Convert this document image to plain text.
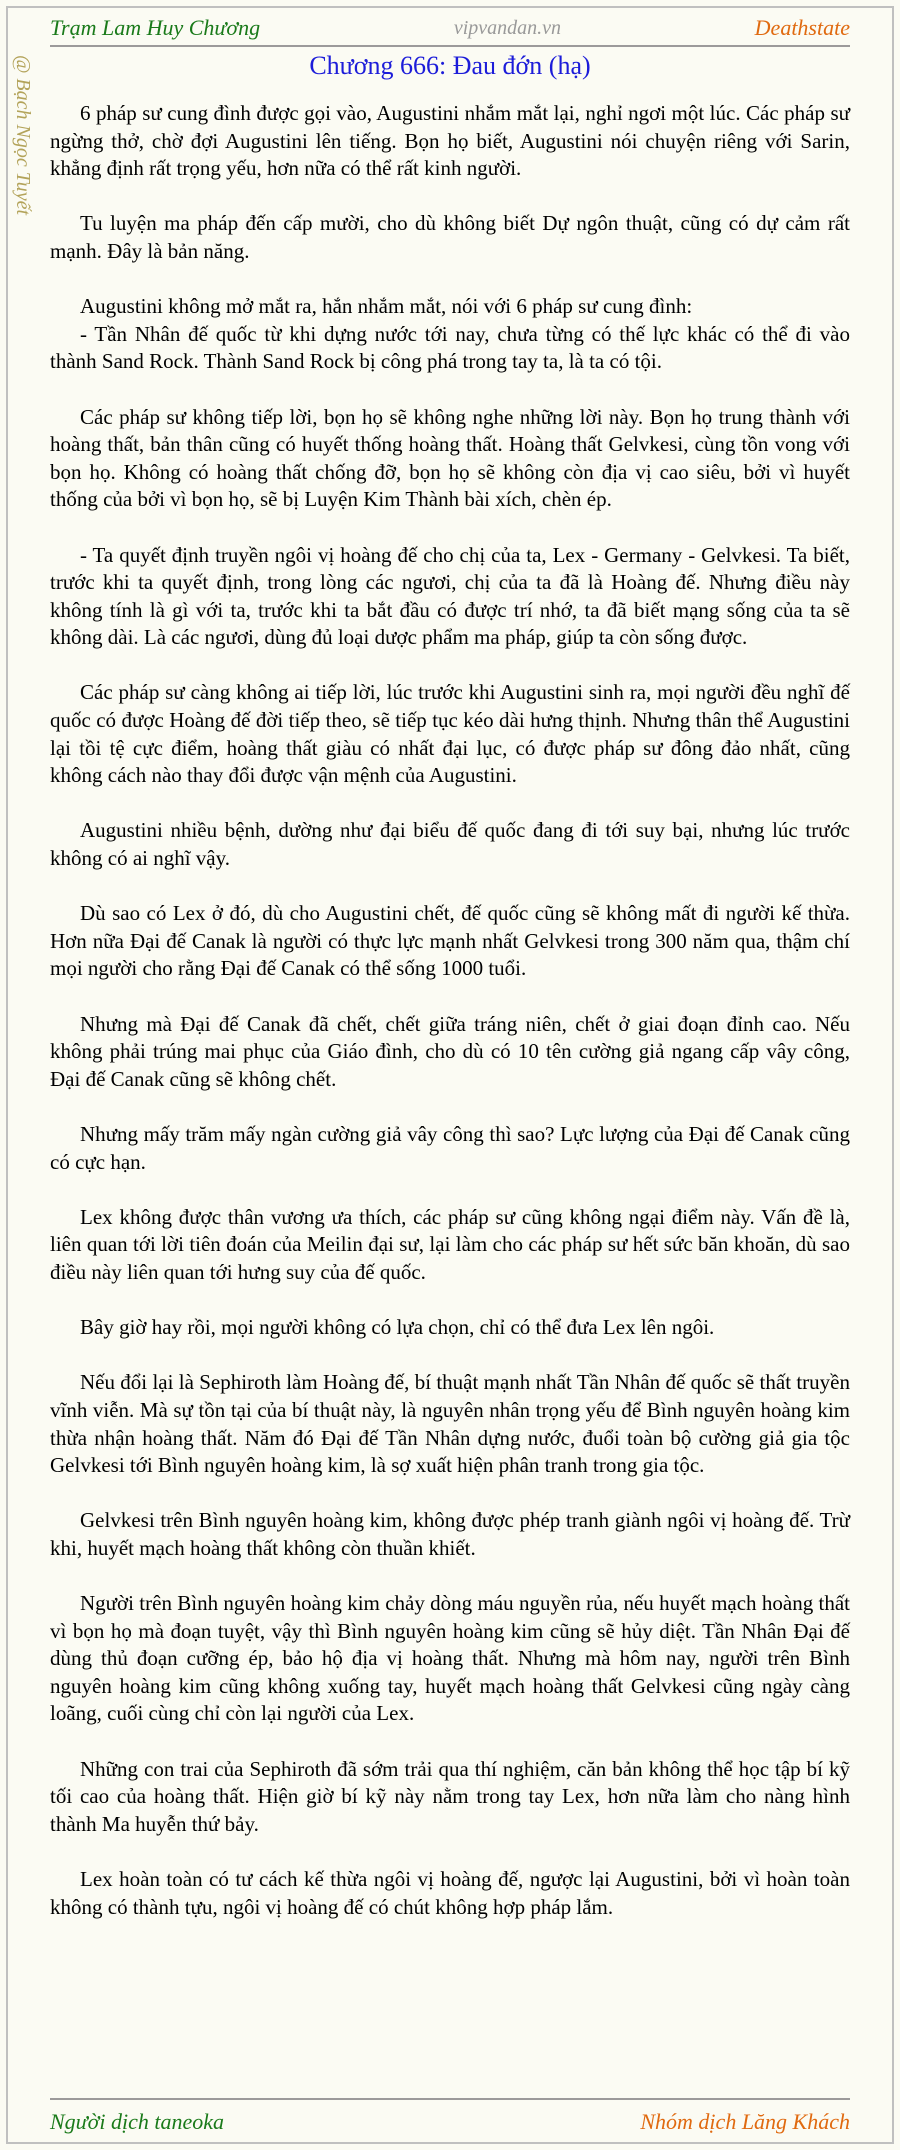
Trạm Lam Huy Chương	vipvandan.vn	Deathstate
@ Bạch Ngọc Tuyết	Chương 666: Đau đớn (hạ)

6 pháp sư cung đình được gọi vào, Augustini nhắm mắt lại, nghỉ ngơi một lúc. Các pháp sư ngừng thở, chờ đợi Augustini lên tiếng. Bọn họ biết, Augustini nói chuyện riêng với Sarin, khẳng định rất trọng yếu, hơn nữa có thể rất kinh người.

Tu luyện ma pháp đến cấp mười, cho dù không biết Dự ngôn thuật, cũng có dự cảm rất mạnh. Đây là bản năng.

Augustini không mở mắt ra, hắn nhắm mắt, nói với 6 pháp sư cung đình:

- Tần Nhân đế quốc từ khi dựng nước tới nay, chưa từng có thế lực khác có thể đi vào thành Sand Rock. Thành Sand Rock bị công phá trong tay ta, là ta có tội.

Các pháp sư không tiếp lời, bọn họ sẽ không nghe những lời này. Bọn họ trung thành với hoàng thất, bản thân cũng có huyết thống hoàng thất. Hoàng thất Gelvkesi, cùng tồn vong với bọn họ. Không có hoàng thất chống đỡ, bọn họ sẽ không còn địa vị cao siêu, bởi vì huyết thống của bởi vì bọn họ, sẽ bị Luyện Kim Thành bài xích, chèn ép.

- Ta quyết định truyền ngôi vị hoàng đế cho chị của ta, Lex - Germany - Gelvkesi. Ta biết, trước khi ta quyết định, trong lòng các ngươi, chị của ta đã là Hoàng đế. Nhưng điều này không tính là gì với ta, trước khi ta bắt đầu có được trí nhớ, ta đã biết mạng sống của ta sẽ không dài. Là các ngươi, dùng đủ loại dược phẩm ma pháp, giúp ta còn sống được.

Các pháp sư càng không ai tiếp lời, lúc trước khi Augustini sinh ra, mọi người đều nghĩ đế quốc có được Hoàng đế đời tiếp theo, sẽ tiếp tục kéo dài hưng thịnh. Nhưng thân thể Augustini lại tồi tệ cực điểm, hoàng thất giàu có nhất đại lục, có được pháp sư đông đảo nhất, cũng không cách nào thay đổi được vận mệnh của Augustini.

Augustini nhiều bệnh, dường như đại biểu đế quốc đang đi tới suy bại, nhưng lúc trước không có ai nghĩ vậy.

Dù sao có Lex ở đó, dù cho Augustini chết, đế quốc cũng sẽ không mất đi người kế thừa. Hơn nữa Đại đế Canak là người có thực lực mạnh nhất Gelvkesi trong 300 năm qua, thậm chí mọi người cho rằng Đại đế Canak có thể sống 1000 tuổi.

Nhưng mà Đại đế Canak đã chết, chết giữa tráng niên, chết ở giai đoạn đỉnh cao. Nếu không phải trúng mai phục của Giáo đình, cho dù có 10 tên cường giả ngang cấp vây công, Đại đế Canak cũng sẽ không chết.

Nhưng mấy trăm mấy ngàn cường giả vây công thì sao? Lực lượng của Đại đế Canak cũng có cực hạn.

Lex không được thân vương ưa thích, các pháp sư cũng không ngại điểm này. Vấn đề là, liên quan tới lời tiên đoán của Meilin đại sư, lại làm cho các pháp sư hết sức băn khoăn, dù sao điều này liên quan tới hưng suy của đế quốc.

Bây giờ hay rồi, mọi người không có lựa chọn, chỉ có thể đưa Lex lên ngôi.

Nếu đổi lại là Sephiroth làm Hoàng đế, bí thuật mạnh nhất Tần Nhân đế quốc sẽ thất truyền vĩnh viễn. Mà sự tồn tại của bí thuật này, là nguyên nhân trọng yếu để Bình nguyên hoàng kim thừa nhận hoàng thất. Năm đó Đại đế Tần Nhân dựng nước, đuổi toàn bộ cường giả gia tộc Gelvkesi tới Bình nguyên hoàng kim, là sợ xuất hiện phân tranh trong gia tộc.

Gelvkesi trên Bình nguyên hoàng kim, không được phép tranh giành ngôi vị hoàng đế. Trừ khi, huyết mạch hoàng thất không còn thuần khiết.

Người trên Bình nguyên hoàng kim chảy dòng máu nguyền rủa, nếu huyết mạch hoàng thất vì bọn họ mà đoạn tuyệt, vậy thì Bình nguyên hoàng kim cũng sẽ hủy diệt. Tần Nhân Đại đế dùng thủ đoạn cưỡng ép, bảo hộ địa vị hoàng thất. Nhưng mà hôm nay, người trên Bình nguyên hoàng kim cũng không xuống tay, huyết mạch hoàng thất Gelvkesi cũng ngày càng loãng, cuối cùng chỉ còn lại người của Lex.

Những con trai của Sephiroth đã sớm trải qua thí nghiệm, căn bản không thể học tập bí kỹ tối cao của hoàng thất. Hiện giờ bí kỹ này nằm trong tay Lex, hơn nữa làm cho nàng hình thành Ma huyễn thứ bảy.

Lex hoàn toàn có tư cách kế thừa ngôi vị hoàng đế, ngược lại Augustini, bởi vì hoàn toàn không có thành tựu, ngôi vị hoàng đế có chút không hợp pháp lắm.

Người dịch taneoka	Nhóm dịch Lăng Khách
